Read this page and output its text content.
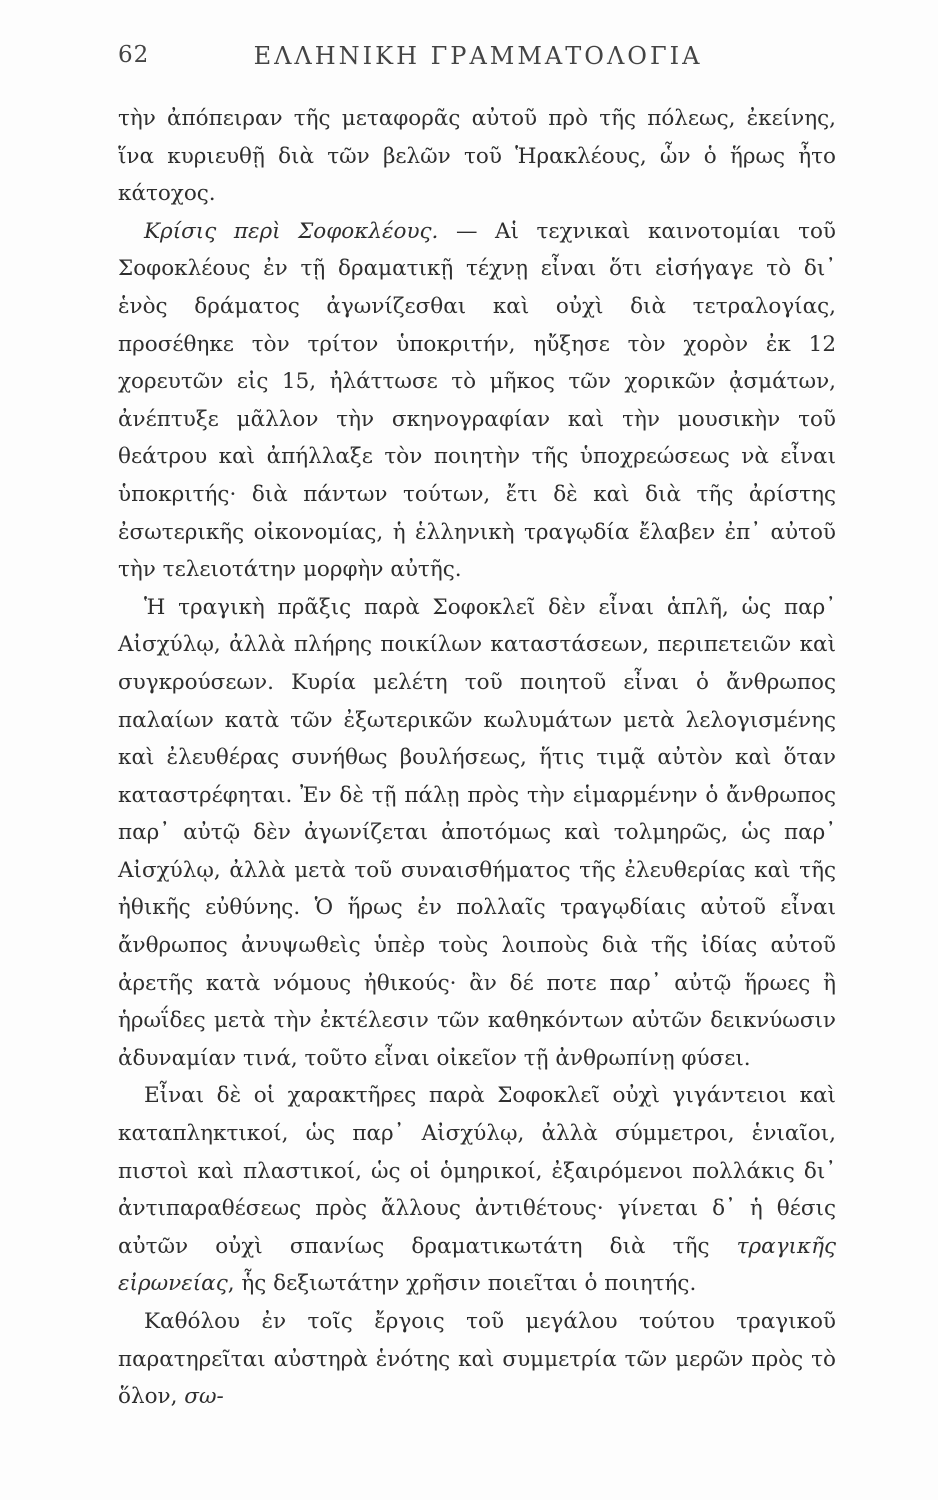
62	ΕΛΛΗΝΙΚΗ ΓΡΑΜΜΑΤΟΛΟΓΙΑ

τὴν ἀπόπειραν τῆς μεταφορᾶς αὐτοῦ πρὸ τῆς πόλεως, ἐκείνης, ἵνα κυριευθῇ διὰ τῶν βελῶν τοῦ Ἡρακλέους, ὧν ὁ ἥρως ἦτο κάτοχος.

Κρίσις περὶ Σοφοκλέους. — Αἱ τεχνικαὶ καινοτομίαι τοῦ Σοφοκλέους ἐν τῇ δραματικῇ τέχνῃ εἶναι ὅτι εἰσήγαγε τὸ δι᾽ ἑνὸς δράματος ἀγωνίζεσθαι καὶ οὐχὶ διὰ τετραλογίας, προσέθηκε τὸν τρίτον ὑποκριτήν, ηὔξησε τὸν χορὸν ἐκ 12 χορευτῶν εἰς 15, ἠλάττωσε τὸ μῆκος τῶν χορικῶν ᾀσμάτων, ἀνέπτυξε μᾶλλον τὴν σκηνογραφίαν καὶ τὴν μουσικὴν τοῦ θεάτρου καὶ ἀπήλλαξε τὸν ποιητὴν τῆς ὑποχρεώσεως νὰ εἶναι ὑποκριτής· διὰ πάντων τούτων, ἔτι δὲ καὶ διὰ τῆς ἀρίστης ἐσωτερικῆς οἰκονομίας, ἡ ἑλληνικὴ τραγῳδία ἔλαβεν ἐπ᾽ αὐτοῦ τὴν τελειοτάτην μορφὴν αὐτῆς.

Ἡ τραγικὴ πρᾶξις παρὰ Σοφοκλεῖ δὲν εἶναι ἁπλῆ, ὡς παρ᾽ Αἰσχύλῳ, ἀλλὰ πλήρης ποικίλων καταστάσεων, περιπετειῶν καὶ συγκρούσεων. Κυρία μελέτη τοῦ ποιητοῦ εἶναι ὁ ἄνθρωπος παλαίων κατὰ τῶν ἐξωτερικῶν κωλυμάτων μετὰ λελογισμένης καὶ ἐλευθέρας συνήθως βουλήσεως, ἥτις τιμᾷ αὐτὸν καὶ ὅταν καταστρέφηται. Ἐν δὲ τῇ πάλῃ πρὸς τὴν εἱμαρμένην ὁ ἄνθρωπος παρ᾽ αὐτῷ δὲν ἀγωνίζεται ἀποτόμως καὶ τολμηρῶς, ὡς παρ᾽ Αἰσχύλῳ, ἀλλὰ μετὰ τοῦ συναισθήματος τῆς ἐλευθερίας καὶ τῆς ἠθικῆς εὐθύνης. Ὁ ἥρως ἐν πολλαῖς τραγῳδίαις αὐτοῦ εἶναι ἄνθρωπος ἀνυψωθεὶς ὑπὲρ τοὺς λοιποὺς διὰ τῆς ἰδίας αὐτοῦ ἀρετῆς κατὰ νόμους ἠθικούς· ἂν δέ ποτε παρ᾽ αὐτῷ ἥρωες ἢ ἡρωΐδες μετὰ τὴν ἐκτέλεσιν τῶν καθηκόντων αὐτῶν δεικνύωσιν ἀδυναμίαν τινά, τοῦτο εἶναι οἰκεῖον τῇ ἀνθρωπίνῃ φύσει.

Εἶναι δὲ οἱ χαρακτῆρες παρὰ Σοφοκλεῖ οὐχὶ γιγάντειοι καὶ καταπληκτικοί, ὡς παρ᾽ Αἰσχύλῳ, ἀλλὰ σύμμετροι, ἑνιαῖοι, πιστοὶ καὶ πλαστικοί, ὡς οἱ ὁμηρικοί, ἐξαιρόμενοι πολλάκις δι᾽ ἀντιπαραθέσεως πρὸς ἄλλους ἀντιθέτους· γίνεται δ᾽ ἡ θέσις αὐτῶν οὐχὶ σπανίως δραματικωτάτη διὰ τῆς τραγικῆς εἰρωνείας, ἧς δεξιωτάτην χρῆσιν ποιεῖται ὁ ποιητής.

Καθόλου ἐν τοῖς ἔργοις τοῦ μεγάλου τούτου τραγικοῦ παρατηρεῖται αὐστηρὰ ἑνότης καὶ συμμετρία τῶν μερῶν πρὸς τὸ ὅλον, σω-
